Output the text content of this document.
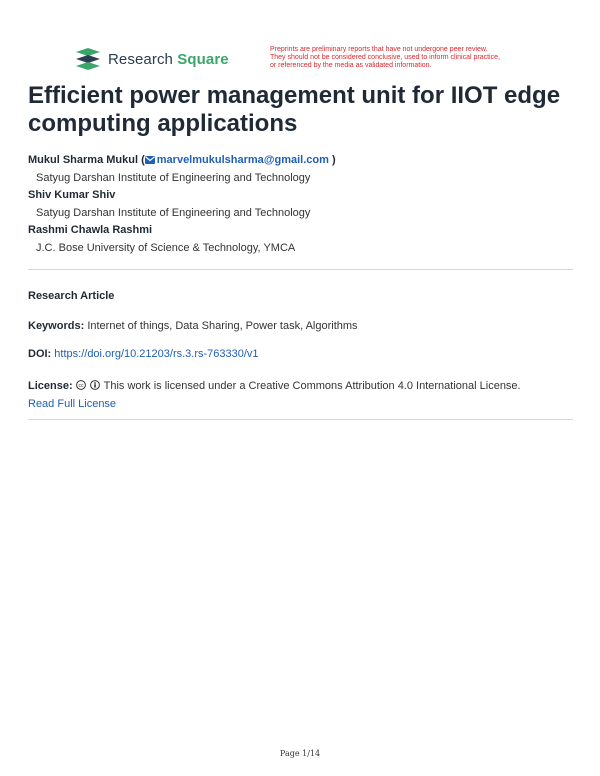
Research Square
Preprints are preliminary reports that have not undergone peer review.
They should not be considered conclusive, used to inform clinical practice,
or referenced by the media as validated information.
Efficient power management unit for IIOT edge computing applications
Mukul Sharma Mukul ( marvelmukulsharma@gmail.com )
Satyug Darshan Institute of Engineering and Technology
Shiv Kumar Shiv
Satyug Darshan Institute of Engineering and Technology
Rashmi Chawla Rashmi
J.C. Bose University of Science & Technology, YMCA
Research Article
Keywords: Internet of things, Data Sharing, Power task, Algorithms
DOI: https://doi.org/10.21203/rs.3.rs-763330/v1
License: cc This work is licensed under a Creative Commons Attribution 4.0 International License.
Read Full License
Page 1/14
